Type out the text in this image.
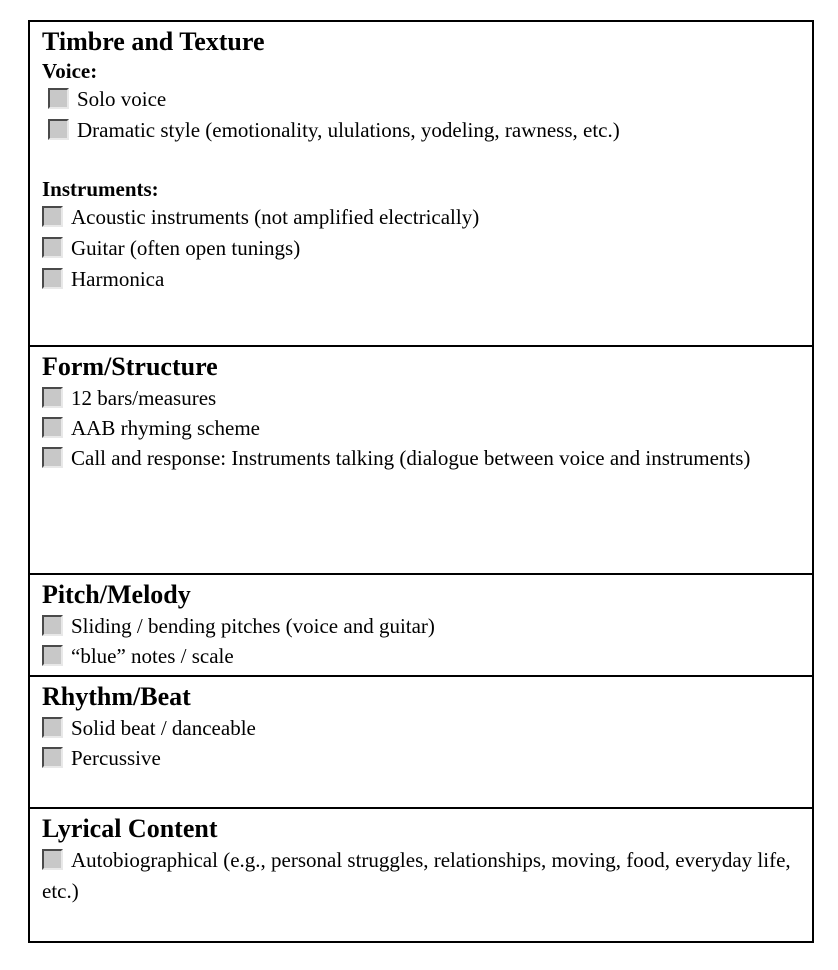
Timbre and Texture
Voice:
Solo voice
Dramatic style (emotionality, ululations, yodeling, rawness, etc.)
Instruments:
Acoustic instruments (not amplified electrically)
Guitar (often open tunings)
Harmonica
Form/Structure
12 bars/measures
AAB rhyming scheme
Call and response: Instruments talking (dialogue between voice and instruments)
Pitch/Melody
Sliding / bending pitches (voice and guitar)
“blue” notes / scale
Rhythm/Beat
Solid beat / danceable
Percussive
Lyrical Content
Autobiographical (e.g., personal struggles, relationships, moving, food, everyday life, etc.)
